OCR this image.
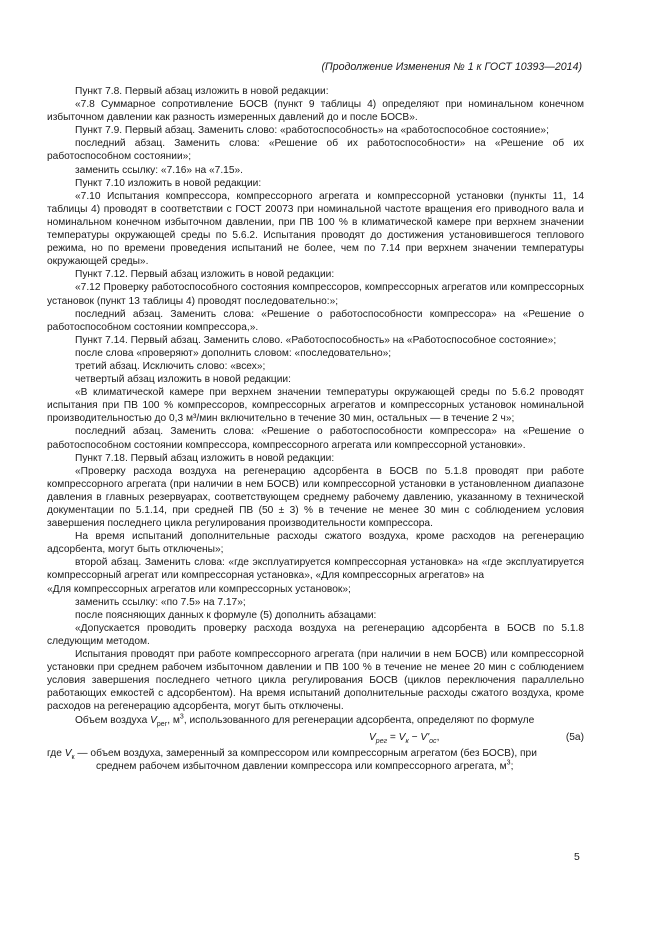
(Продолжение Изменения № 1 к ГОСТ 10393—2014)

Пункт 7.8. Первый абзац изложить в новой редакции:

«7.8 Суммарное сопротивление БОСВ (пункт 9 таблицы 4) определяют при номинальном конечном избыточном давлении как разность измеренных давлений до и после БОСВ».

Пункт 7.9. Первый абзац. Заменить слово: «работоспособность» на «работоспособное состояние»;

последний абзац. Заменить слова: «Решение об их работоспособности» на «Решение об их работоспособном состоянии»;

заменить ссылку: «7.16» на «7.15».

Пункт 7.10 изложить в новой редакции:

«7.10 Испытания компрессора, компрессорного агрегата и компрессорной установки (пункты 11, 14 таблицы 4) проводят в соответствии с ГОСТ 20073 при номинальной частоте вращения его приводного вала и номинальном конечном избыточном давлении, при ПВ 100 % в климатической камере при верхнем значении температуры окружающей среды по 5.6.2. Испытания проводят до достижения установившегося теплового режима, но по времени проведения испытаний не более, чем по 7.14 при верхнем значении температуры окружающей среды».

Пункт 7.12. Первый абзац изложить в новой редакции:

«7.12 Проверку работоспособного состояния компрессоров, компрессорных агрегатов или компрессорных установок (пункт 13 таблицы 4) проводят последовательно:»;

последний абзац. Заменить слова: «Решение о работоспособности компрессора» на «Решение о работоспособном состоянии компрессора,».

Пункт 7.14. Первый абзац. Заменить слово. «Работоспособность» на «Работоспособное состояние»;

после слова «проверяют» дополнить словом: «последовательно»;

третий абзац. Исключить слово: «всех»;

четвертый абзац изложить в новой редакции:

«В климатической камере при верхнем значении температуры окружающей среды по 5.6.2 проводят испытания при ПВ 100 % компрессоров, компрессорных агрегатов и компрессорных установок номинальной производительностью до 0,3 м³/мин включительно в течение 30 мин, остальных — в течение 2 ч»;

последний абзац. Заменить слова: «Решение о работоспособности компрессора» на «Решение о работоспособном состоянии компрессора, компрессорного агрегата или компрессорной установки».

Пункт 7.18. Первый абзац изложить в новой редакции:

«Проверку расхода воздуха на регенерацию адсорбента в БОСВ по 5.1.8 проводят при работе компрессорного агрегата (при наличии в нем БОСВ) или компрессорной установки в установленном диапазоне давления в главных резервуарах, соответствующем среднему рабочему давлению, указанному в технической документации по 5.1.14, при средней ПВ (50 ± 3) % в течение не менее 30 мин с соблюдением условия завершения последнего цикла регулирования производительности компрессора.

На время испытаний дополнительные расходы сжатого воздуха, кроме расходов на регенерацию адсорбента, могут быть отключены»;

второй абзац. Заменить слова: «где эксплуатируется компрессорная установка» на «где эксплуатируется компрессорный агрегат или компрессорная установка», «Для компрессорных агрегатов» на

«Для компрессорных агрегатов или компрессорных установок»;

заменить ссылку: «по 7.5» на 7.17»;

после поясняющих данных к формуле (5) дополнить абзацами:

«Допускается проводить проверку расхода воздуха на регенерацию адсорбента в БОСВ по 5.1.8 следующим методом.

Испытания проводят при работе компрессорного агрегата (при наличии в нем БОСВ) или компрессорной установки при среднем рабочем избыточном давлении и ПВ 100 % в течение не менее 20 мин с соблюдением условия завершения последнего четного цикла регулирования БОСВ (циклов переключения параллельно работающих емкостей с адсорбентом). На время испытаний дополнительные расходы сжатого воздуха, кроме расходов на регенерацию адсорбента, могут быть отключены.

Объем воздуха $V_{рег}$, $м^3$, использованного для регенерации адсорбента, определяют по формуле

$V_{рег} = V_к - V'_{ос}$,	(5а)

где $V_к$ — объем воздуха, замеренный за компрессором или компрессорным агрегатом (без БОСВ), при

среднем рабочем избыточном давлении компрессора или компрессорного агрегата, $м^3$;

5
